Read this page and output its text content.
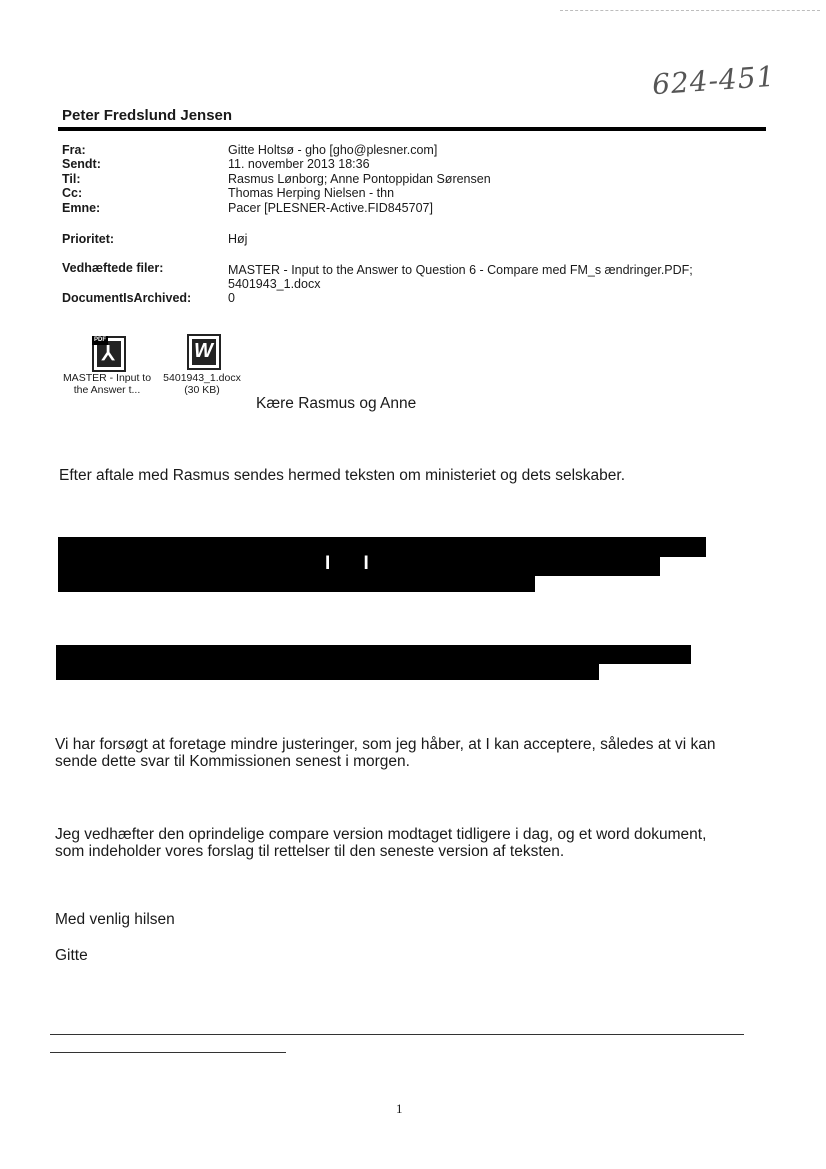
624-451
Peter Fredslund Jensen
Fra:	Gitte Holtsø - gho [gho@plesner.com]
Sendt:	11. november 2013 18:36
Til:	Rasmus Lønborg; Anne Pontoppidan Sørensen
Cc:	Thomas Herping Nielsen - thn
Emne:	Pacer [PLESNER-Active.FID845707]
Prioritet:	Høj
Vedhæftede filer:	MASTER - Input to the Answer to Question 6 - Compare med FM_s ændringer.PDF;
5401943_1.docx
DocumentIsArchived:	0
PDF
⅄
MASTER - Input to
the Answer t...
W
5401943_1.docx
(30 KB)
Kære Rasmus og Anne
Efter aftale med Rasmus sendes hermed teksten om ministeriet og dets selskaber.
I I
Vi har forsøgt at foretage mindre justeringer, som jeg håber, at I kan acceptere, således at vi kan
sende dette svar til Kommissionen senest i morgen.
Jeg vedhæfter den oprindelige compare version modtaget tidligere i dag, og et word dokument,
som indeholder vores forslag til rettelser til den seneste version af teksten.
Med venlig hilsen
Gitte
1
